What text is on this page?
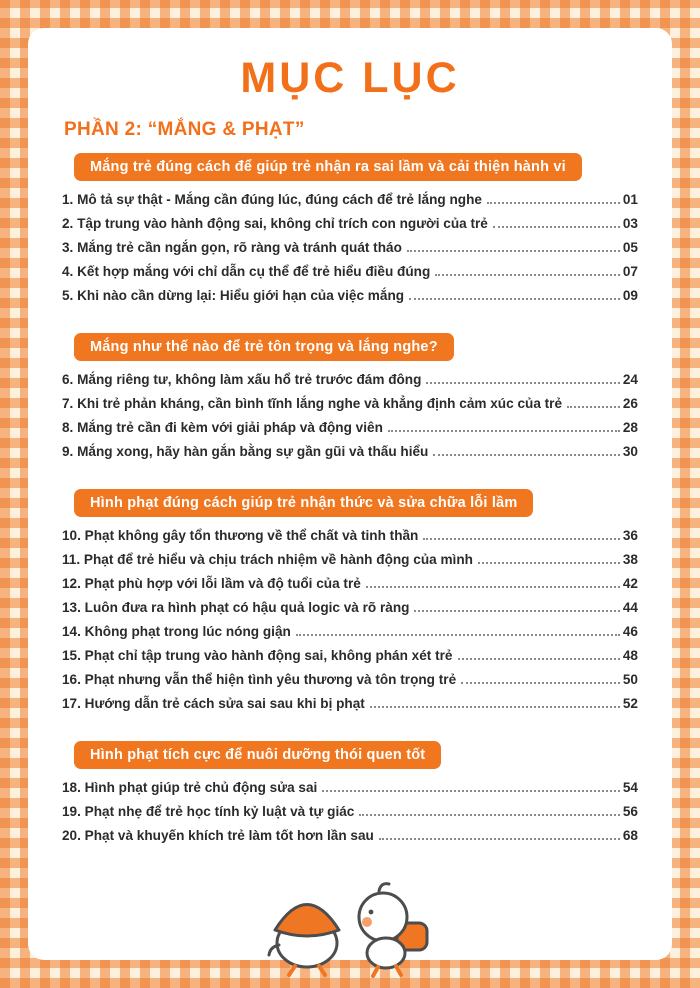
MỤC LỤC
PHẦN 2: “MẮNG & PHẠT”
Mắng trẻ đúng cách để giúp trẻ nhận ra sai lầm và cải thiện hành vi
1. Mô tả sự thật - Mắng cần đúng lúc, đúng cách để trẻ lắng nghe	01
2. Tập trung vào hành động sai, không chỉ trích con người của trẻ	03
3. Mắng trẻ cần ngắn gọn, rõ ràng và tránh quát tháo	05
4. Kết hợp mắng với chỉ dẫn cụ thể để trẻ hiểu điều đúng	07
5. Khi nào cần dừng lại: Hiểu giới hạn của việc mắng	09
Mắng như thế nào để trẻ tôn trọng và lắng nghe?
6. Mắng riêng tư, không làm xấu hổ trẻ trước đám đông	24
7. Khi trẻ phản kháng, cần bình tĩnh lắng nghe và khẳng định cảm xúc của trẻ	26
8. Mắng trẻ cần đi kèm với giải pháp và động viên	28
9. Mắng xong, hãy hàn gắn bằng sự gần gũi và thấu hiểu	30
Hình phạt đúng cách giúp trẻ nhận thức và sửa chữa lỗi lầm
10. Phạt không gây tổn thương về thể chất và tinh thần	36
11. Phạt để trẻ hiểu và chịu trách nhiệm về hành động của mình	38
12. Phạt phù hợp với lỗi lầm và độ tuổi của trẻ	42
13. Luôn đưa ra hình phạt có hậu quả logic và rõ ràng	44
14. Không phạt trong lúc nóng giận	46
15. Phạt chỉ tập trung vào hành động sai, không phán xét trẻ	48
16. Phạt nhưng vẫn thể hiện tình yêu thương và tôn trọng trẻ	50
17. Hướng dẫn trẻ cách sửa sai sau khi bị phạt	52
Hình phạt tích cực để nuôi dưỡng thói quen tốt
18. Hình phạt giúp trẻ chủ động sửa sai	54
19. Phạt nhẹ để trẻ học tính kỷ luật và tự giác	56
20. Phạt và khuyến khích trẻ làm tốt hơn lần sau	68
